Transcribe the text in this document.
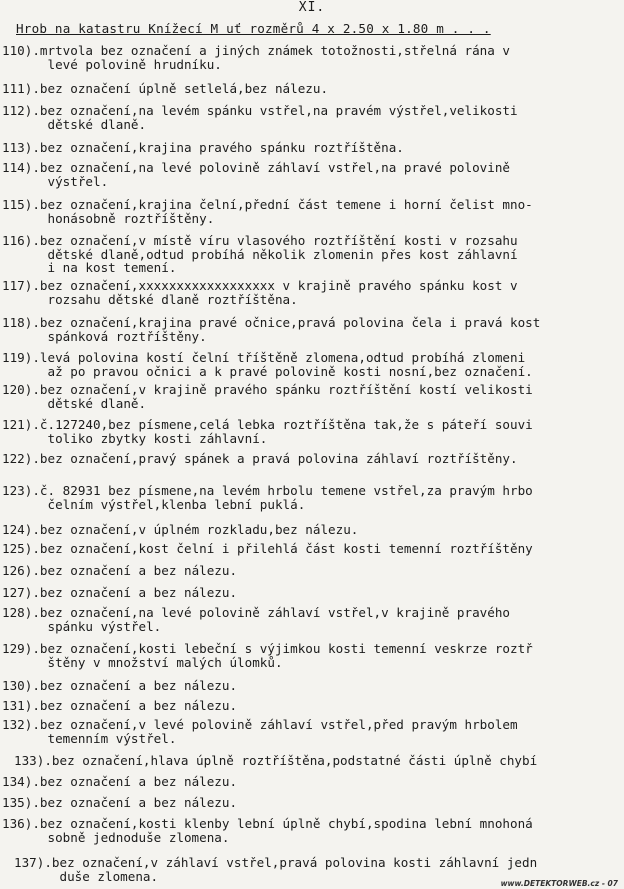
XI.
Hrob na katastru Knížecí M uť rozměrů 4 x 2.50 x 1.80 m . . .
110).mrtvola bez označení a jiných známek totožnosti,střelná rána v
levé polovině hrudníku.
111).bez označení úplně setlelá,bez nálezu.
112).bez označení,na levém spánku vstřel,na pravém výstřel,velikosti
dětské dlaně.
113).bez označení,krajina pravého spánku roztříštěna.
114).bez označení,na levé polovině záhlaví vstřel,na pravé polovině
výstřel.
115).bez označení,krajina čelní,přední část temene i horní čelist mno-
honásobně roztříštěny.
116).bez označení,v místě víru vlasového roztříštění kosti v rozsahu
dětské dlaně,odtud probíhá několik zlomenin přes kost záhlavní
i na kost temení.
117).bez označení,xxxxxxxxxxxxxxxxxx v krajině pravého spánku kost v
rozsahu dětské dlaně roztříštěna.
118).bez označení,krajina pravé očnice,pravá polovina čela i pravá kost
spánková roztříštěny.
119).levá polovina kostí čelní tříštěně zlomena,odtud probíhá zlomeni
až po pravou očnici a k pravé polovině kosti nosní,bez označení.
120).bez označení,v krajině pravého spánku roztříštění kostí velikosti
dětské dlaně.
121).č.127240,bez písmene,celá lebka roztříštěna tak,že s páteří souvi
toliko zbytky kosti záhlavní.
122).bez označení,pravý spánek a pravá polovina záhlaví roztříštěny.
123).č. 82931 bez písmene,na levém hrbolu temene vstřel,za pravým hrbo
čelním výstřel,klenba lební puklá.
124).bez označení,v úplném rozkladu,bez nálezu.
125).bez označení,kost čelní i přilehlá část kosti temenní roztříštěny
126).bez označení a bez nálezu.
127).bez označení a bez nálezu.
128).bez označení,na levé polovině záhlaví vstřel,v krajině pravého
spánku výstřel.
129).bez označení,kosti lebeční s výjimkou kosti temenní veskrze roztř
štěny v množství malých úlomků.
130).bez označení a bez nálezu.
131).bez označení a bez nálezu.
132).bez označení,v levé polovině záhlaví vstřel,před pravým hrbolem
temenním výstřel.
133).bez označení,hlava úplně roztříštěna,podstatné části úplně chybí
134).bez označení a bez nálezu.
135).bez označení a bez nálezu.
136).bez označení,kosti klenby lební úplně chybí,spodina lební mnohoná
sobně jednoduše zlomena.
137).bez označení,v záhlaví vstřel,pravá polovina kosti záhlavní jedn
duše zlomena.	www.DETEKTORWEB.cz - 07
